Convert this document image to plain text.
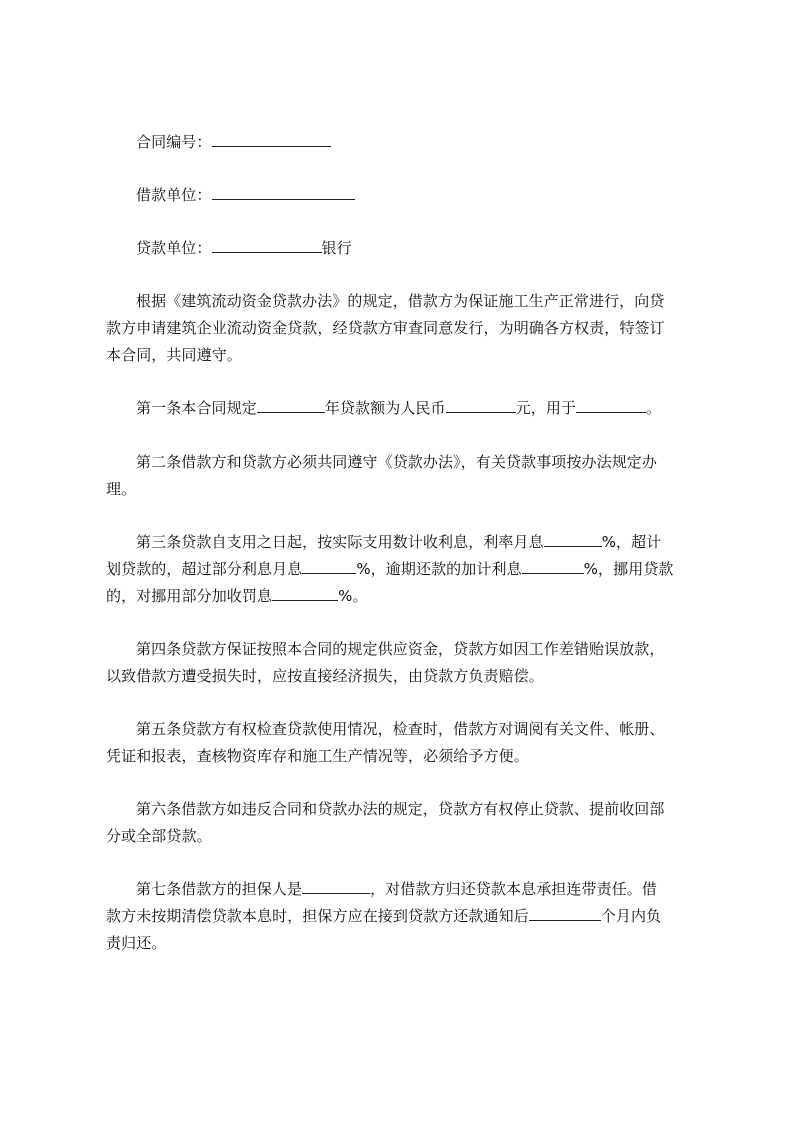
合同编号：
借款单位：
贷款单位：	银行
根据《建筑流动资金贷款办法》的规定，借款方为保证施工生产正常进行，向贷
款方申请建筑企业流动资金贷款，经贷款方审查同意发行，为明确各方权责，特签订
本合同，共同遵守。
第一条本合同规定	年贷款额为人民币	元，用于	。
第二条借款方和贷款方必须共同遵守《贷款办法》，有关贷款事项按办法规定办
理。
第三条贷款自支用之日起，按实际支用数计收利息，利率月息	%，超计
划贷款的，超过部分利息月息	%，逾期还款的加计利息	%，挪用贷款
的，对挪用部分加收罚息	%。
第四条贷款方保证按照本合同的规定供应资金，贷款方如因工作差错贻误放款，
以致借款方遭受损失时，应按直接经济损失，由贷款方负责赔偿。
第五条贷款方有权检查贷款使用情况，检查时，借款方对调阅有关文件、帐册、
凭证和报表，查核物资库存和施工生产情况等，必须给予方便。
第六条借款方如违反合同和贷款办法的规定，贷款方有权停止贷款、提前收回部
分或全部贷款。
第七条借款方的担保人是	，对借款方归还贷款本息承担连带责任。借
款方未按期清偿贷款本息时，担保方应在接到贷款方还款通知后	个月内负
责归还。
